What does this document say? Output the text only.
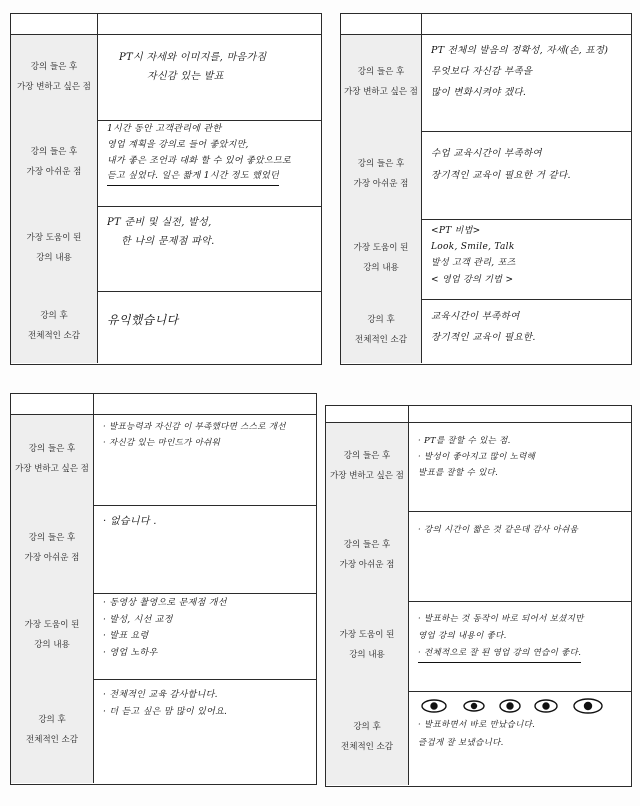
강의 들은 후
가장 변하고 싶은 점
PT시 자세와 이미지를, 마음가짐
자신감 있는 발표
강의 들은 후
가장 아쉬운 점
1시간 동안 고객관리에 관한
영업 계획을 강의로 들어 좋았지만,
내가 좋은 조언과 대화 할 수 있어 좋았으므로
듣고 싶었다. 일은 짧게 1시간 정도 했었던
가장 도움이 된
강의 내용
PT 준비 및 실전, 발성,
한 나의 문제점 파악.
강의 후
전체적인 소감
유익했습니다
강의 들은 후
가장 변하고 싶은 점
PT 전체의 발음의 정확성, 자세(손, 표정)
무엇보다 자신감 부족을
많이 변화시켜야 겠다.
강의 들은 후
가장 아쉬운 점
수업 교육시간이 부족하여
장기적인 교육이 필요한 거 같다.
가장 도움이 된
강의 내용
<PT 비법>
Look, Smile, Talk
발성 고객 관리, 포즈
< 영업 강의 기법 >
강의 후
전체적인 소감
교육시간이 부족하여
장기적인 교육이 필요한.
강의 들은 후
가장 변하고 싶은 점
· 발표능력과 자신감 이 부족했다면 스스로 개선
· 자신감 있는 마인드가 아쉬워
강의 들은 후
가장 아쉬운 점
· 없습니다 .
가장 도움이 된
강의 내용
· 동영상 촬영으로 문제점 개선
· 발성, 시선 교정
· 발표 요령
· 영업 노하우
강의 후
전체적인 소감
· 전체적인 교육 감사합니다.
· 더 듣고 싶은 맘 많이 있어요.
강의 들은 후
가장 변하고 싶은 점
· PT를 잘할 수 있는 점.
· 발성이 좋아지고 많이 노력해
발표를 잘할 수 있다.
강의 들은 후
가장 아쉬운 점
· 강의 시간이 짧은 것 같은데 감사 아쉬움
가장 도움이 된
강의 내용
· 발표하는 것 동작이 바로 되어서 보셨지만
영업 강의 내용이 좋다.
· 전체적으로 잘 된 영업 강의 연습이 좋다.
강의 후
전체적인 소감
· 발표하면서 바로 만났습니다.
즐겁게 잘 보냈습니다.
